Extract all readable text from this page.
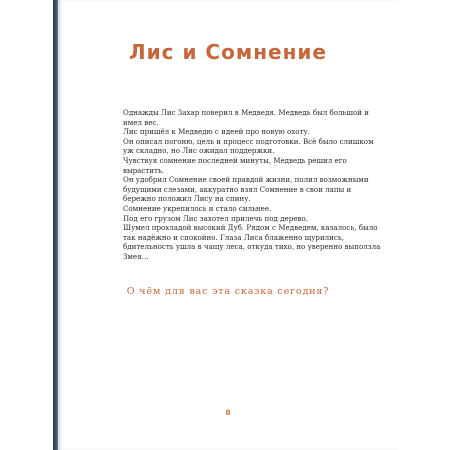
Лис и Сомнение

Однажды Лис Захар поверил в Медведя. Медведь был большой и имел вес.

Лис пришёл к Медведю с идеей про новую охоту.

Он описал погоню, цель и процесс подготовки. Всё было слишком уж складно, но Лис ожидал поддержки.

Чувствуя сомнение последней минуты, Медведь решил его вырастить.

Он удобрил Сомнение своей правдой жизни, полил возможными будущими слезами, аккуратно взял Сомнение в свои лапы и бережно положил Лису на спину.

Сомнение укрепилось и стало сильнее.

Под его грузом Лис захотел прилечь под дерево.

Шумел прохладой высокий Дуб. Рядом с Медведем, казалось, было так надёжно и спокойно. Глаза Лиса блаженно щурились, бдительность ушла в чащу леса, откуда тихо, но уверенно выползла Змея…

О чём для вас эта сказка сегодня?

8
